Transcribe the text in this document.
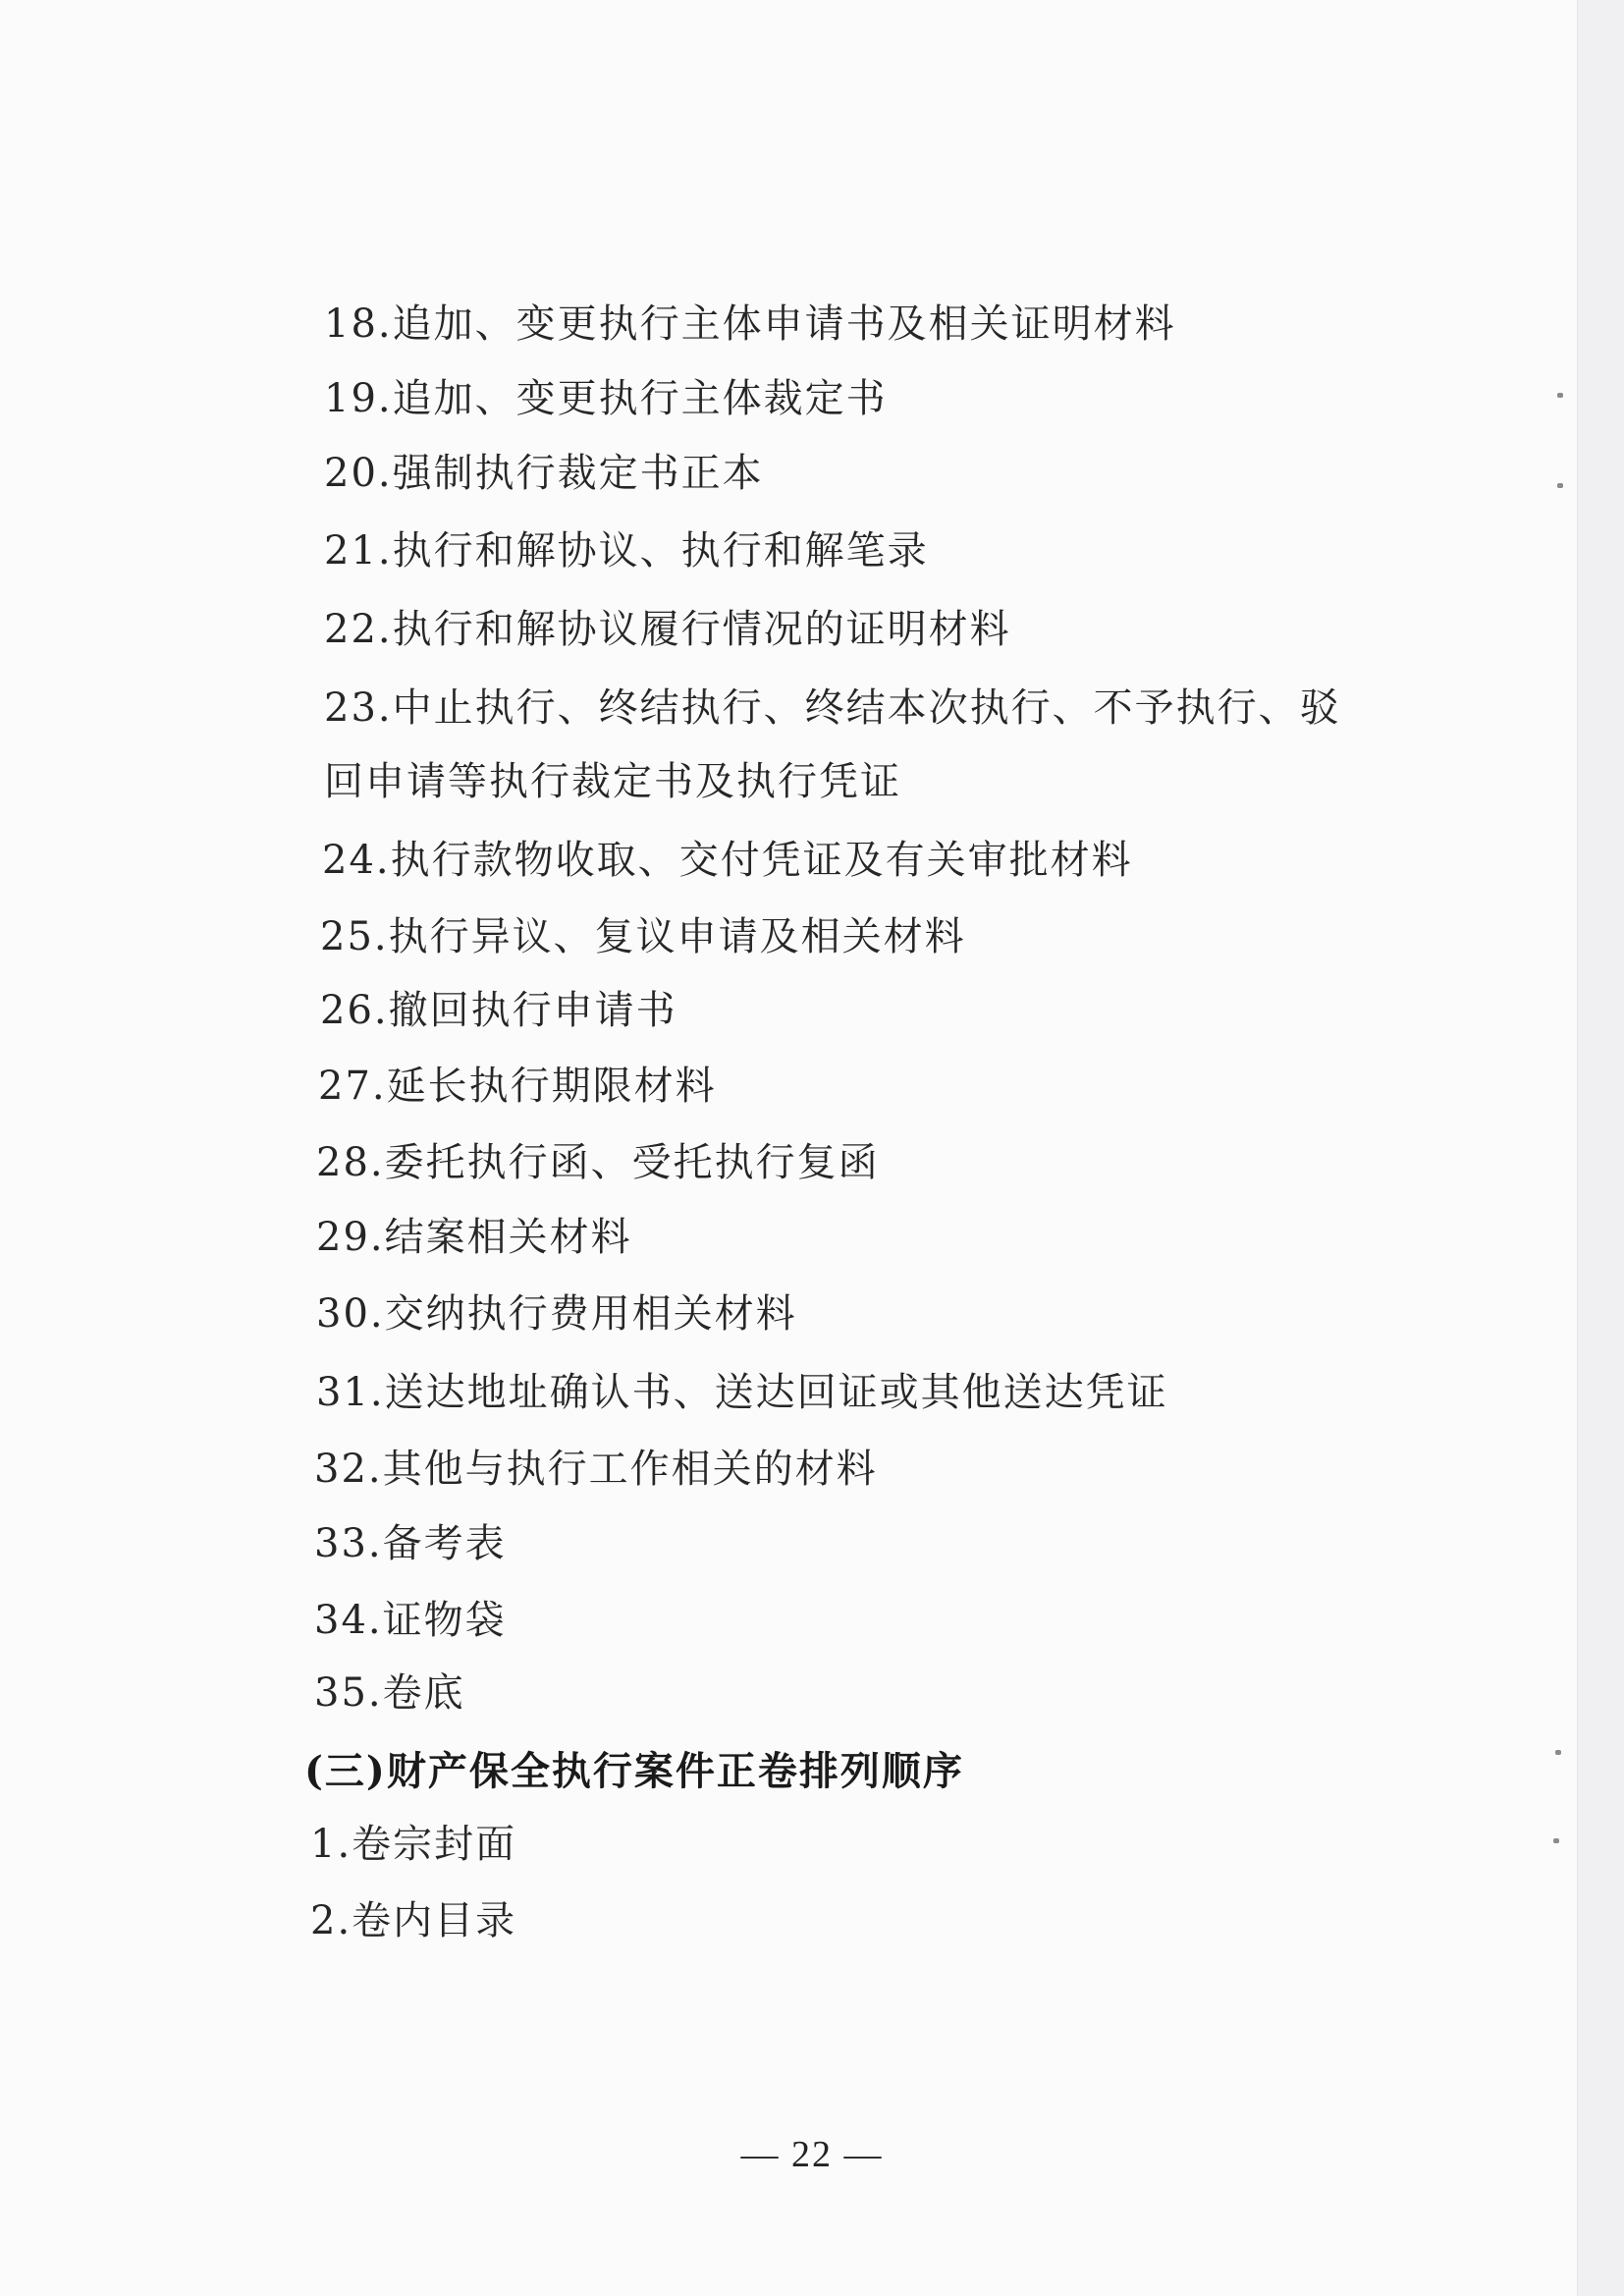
18.追加、变更执行主体申请书及相关证明材料

19.追加、变更执行主体裁定书

20.强制执行裁定书正本

21.执行和解协议、执行和解笔录

22.执行和解协议履行情况的证明材料

23.中止执行、终结执行、终结本次执行、不予执行、驳

回申请等执行裁定书及执行凭证

24.执行款物收取、交付凭证及有关审批材料

25.执行异议、复议申请及相关材料

26.撤回执行申请书

27.延长执行期限材料

28.委托执行函、受托执行复函

29.结案相关材料

30.交纳执行费用相关材料

31.送达地址确认书、送达回证或其他送达凭证

32.其他与执行工作相关的材料

33.备考表

34.证物袋

35.卷底

(三)财产保全执行案件正卷排列顺序

1.卷宗封面

2.卷内目录

— 22 —
